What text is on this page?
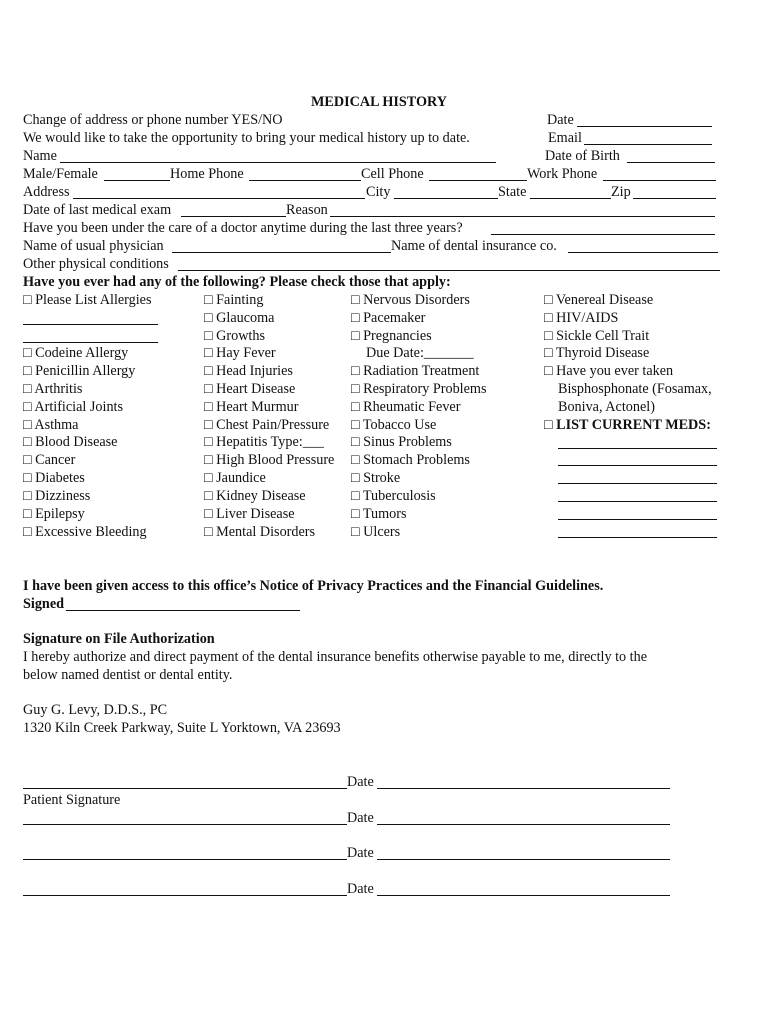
MEDICAL HISTORY
Change of address or phone number YES/NO	Date
We would like to take the opportunity to bring your medical history up to date.	Email
Name	Date of Birth
Male/Female	Home Phone	Cell Phone	Work Phone
Address	City	State	Zip
Date of last medical exam	Reason
Have you been under the care of a doctor anytime during the last three years?
Name of usual physician	Name of dental insurance co.
Other physical conditions
Have you ever had any of the following? Please check those that apply:
□ Please List Allergies
□ Codeine Allergy
□ Penicillin Allergy
□ Arthritis
□ Artificial Joints
□ Asthma
□ Blood Disease
□ Cancer
□ Diabetes
□ Dizziness
□ Epilepsy
□ Excessive Bleeding
□ Fainting
□ Glaucoma
□ Growths
□ Hay Fever
□ Head Injuries
□ Heart Disease
□ Heart Murmur
□ Chest Pain/Pressure
□ Hepatitis Type:___
□ High Blood Pressure
□ Jaundice
□ Kidney Disease
□ Liver Disease
□ Mental Disorders
□ Nervous Disorders
□ Pacemaker
□ Pregnancies
Due Date:_______
□ Radiation Treatment
□ Respiratory Problems
□ Rheumatic Fever
□ Tobacco Use
□ Sinus Problems
□ Stomach Problems
□ Stroke
□ Tuberculosis
□ Tumors
□ Ulcers
□ Venereal Disease
□ HIV/AIDS
□ Sickle Cell Trait
□ Thyroid Disease
□ Have you ever taken
Bisphosphonate (Fosamax,
Boniva, Actonel)
□ LIST CURRENT MEDS:
I have been given access to this office’s Notice of Privacy Practices and the Financial Guidelines.
Signed
Signature on File Authorization
I hereby authorize and direct payment of the dental insurance benefits otherwise payable to me, directly to the
below named dentist or dental entity.
Guy G. Levy, D.D.S., PC
1320 Kiln Creek Parkway, Suite L Yorktown, VA 23693
Date
Patient Signature
Date
Date
Date
